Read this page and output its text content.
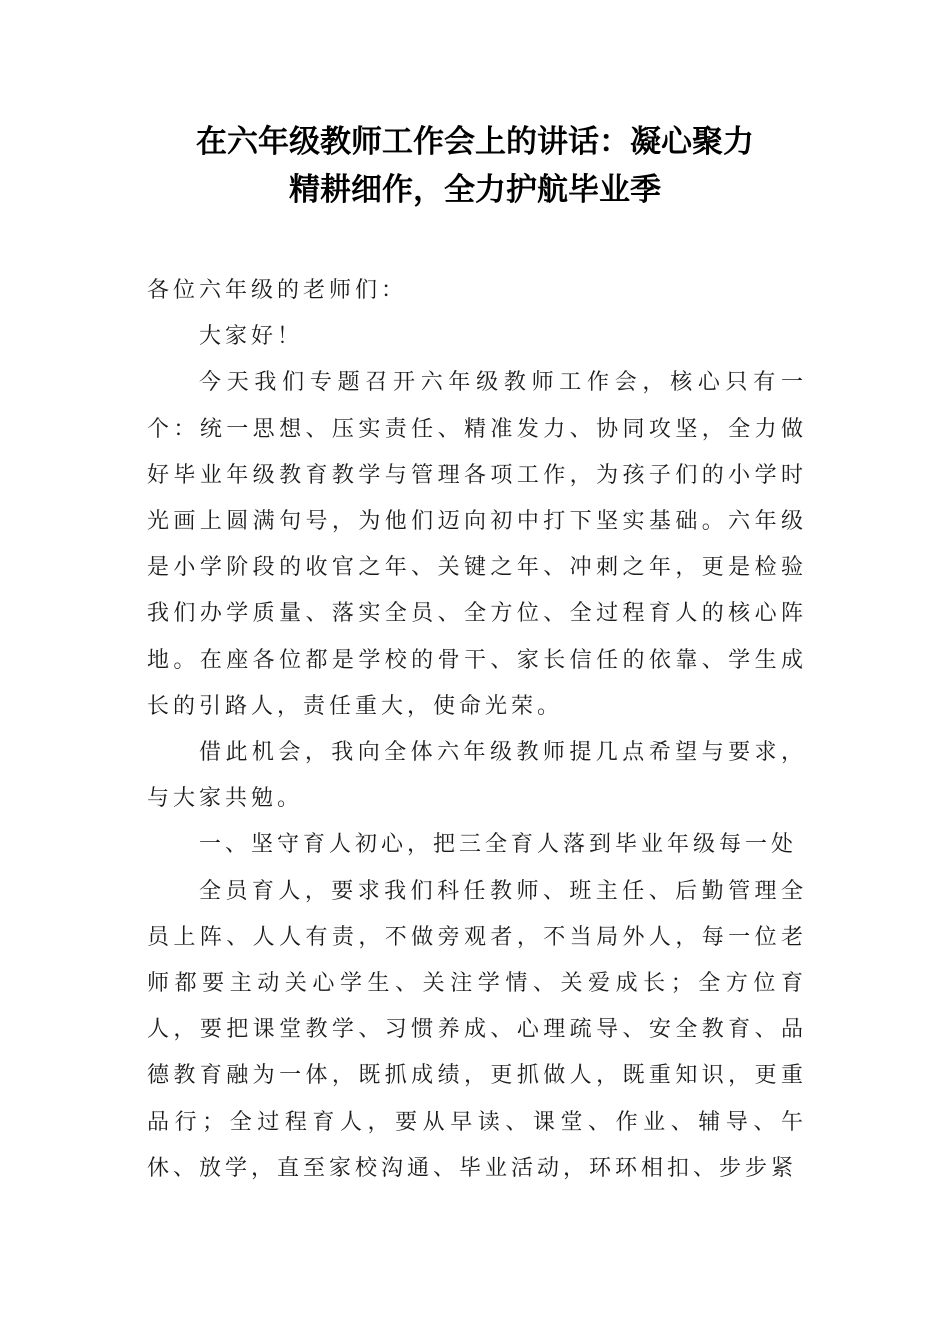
在六年级教师工作会上的讲话：凝心聚力
精耕细作，全力护航毕业季

各位六年级的老师们：

大家好！

今天我们专题召开六年级教师工作会，核心只有一个：统一思想、压实责任、精准发力、协同攻坚，全力做好毕业年级教育教学与管理各项工作，为孩子们的小学时光画上圆满句号，为他们迈向初中打下坚实基础。六年级是小学阶段的收官之年、关键之年、冲刺之年，更是检验我们办学质量、落实全员、全方位、全过程育人的核心阵地。在座各位都是学校的骨干、家长信任的依靠、学生成长的引路人，责任重大，使命光荣。

借此机会，我向全体六年级教师提几点希望与要求，与大家共勉。

一、坚守育人初心，把三全育人落到毕业年级每一处

全员育人，要求我们科任教师、班主任、后勤管理全员上阵、人人有责，不做旁观者，不当局外人，每一位老师都要主动关心学生、关注学情、关爱成长；全方位育人，要把课堂教学、习惯养成、心理疏导、安全教育、品德教育融为一体，既抓成绩，更抓做人，既重知识，更重品行；全过程育人，要从早读、课堂、作业、辅导、午休、放学，直至家校沟通、毕业活动，环环相扣、步步紧
